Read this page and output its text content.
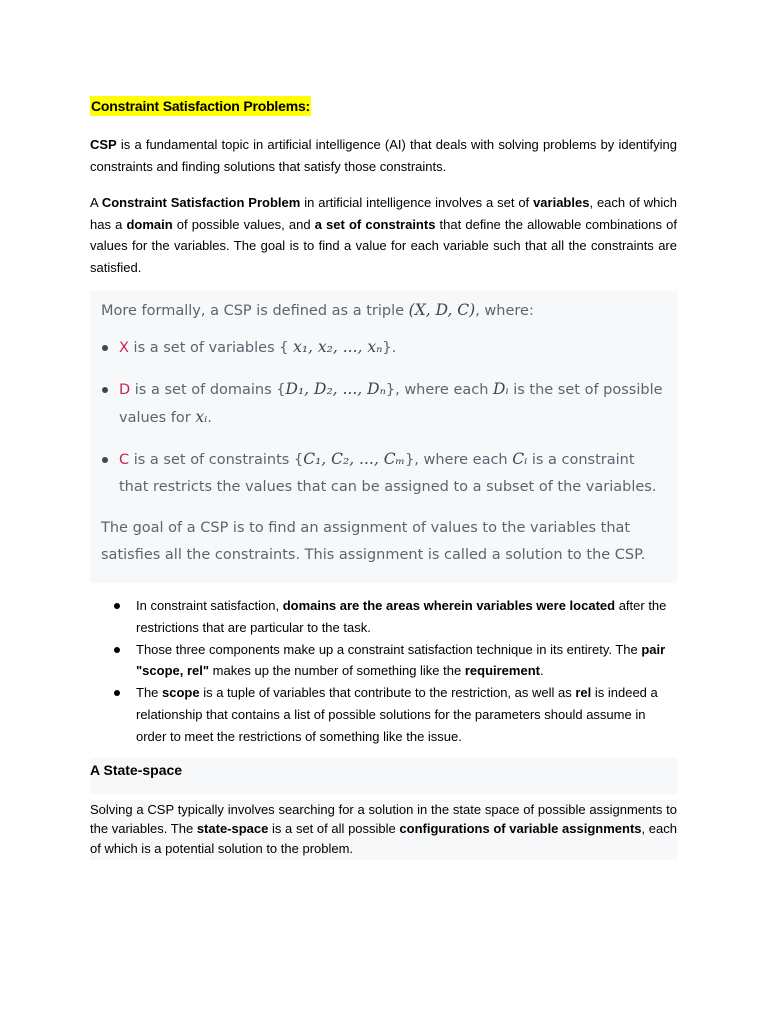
Constraint Satisfaction Problems:

CSP is a fundamental topic in artificial intelligence (AI) that deals with solving problems by identifying constraints and finding solutions that satisfy those constraints.

A Constraint Satisfaction Problem in artificial intelligence involves a set of variables, each of which has a domain of possible values, and a set of constraints that define the allowable combinations of values for the variables. The goal is to find a value for each variable such that all the constraints are satisfied.

More formally, a CSP is defined as a triple (X, D, C), where:
X is a set of variables { x₁, x₂, ..., xₙ}.
D is a set of domains {D₁, D₂, ..., Dₙ}, where each Dᵢ is the set of possible values for xᵢ.
C is a set of constraints {C₁, C₂, ..., Cₘ}, where each Cᵢ is a constraint that restricts the values that can be assigned to a subset of the variables.
The goal of a CSP is to find an assignment of values to the variables that satisfies all the constraints. This assignment is called a solution to the CSP.
In constraint satisfaction, domains are the areas wherein variables were located after the restrictions that are particular to the task.
Those three components make up a constraint satisfaction technique in its entirety. The pair "scope, rel" makes up the number of something like the requirement.
The scope is a tuple of variables that contribute to the restriction, as well as rel is indeed a relationship that contains a list of possible solutions for the parameters should assume in order to meet the restrictions of something like the issue.
A State-space

Solving a CSP typically involves searching for a solution in the state space of possible assignments to the variables. The state-space is a set of all possible configurations of variable assignments, each of which is a potential solution to the problem.
